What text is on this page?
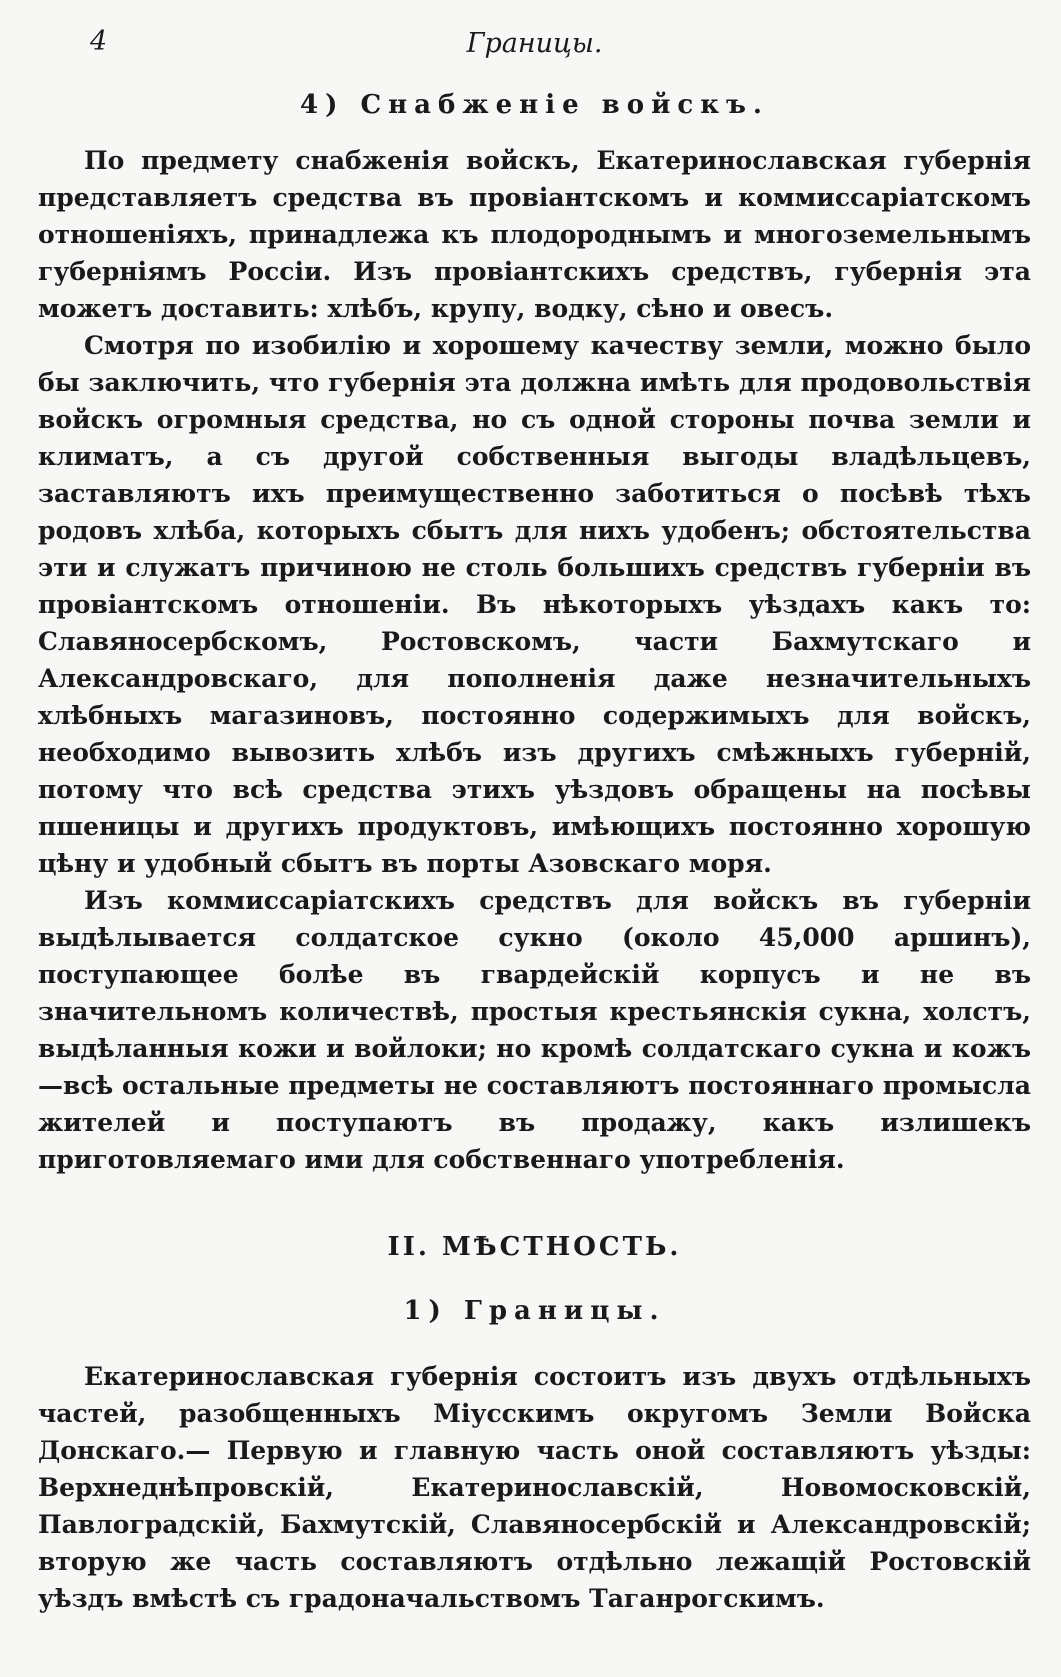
4	Границы.
4) Снабженіе войскъ.

По предмету снабженія войскъ, Екатеринославская губернія представляетъ средства въ провіантскомъ и коммиссаріатскомъ отношеніяхъ, принадлежа къ плодороднымъ и многоземельнымъ губерніямъ Россіи. Изъ провіантскихъ средствъ, губернія эта можетъ доставить: хлѣбъ, крупу, водку, сѣно и овесъ.

Смотря по изобилію и хорошему качеству земли, можно было бы заключить, что губернія эта должна имѣть для продовольствія войскъ огромныя средства, но съ одной стороны почва земли и климатъ, а съ другой собственныя выгоды владѣльцевъ, заставляютъ ихъ преимущественно заботиться о посѣвѣ тѣхъ родовъ хлѣба, которыхъ сбытъ для нихъ удобенъ; обстоятельства эти и служатъ причиною не столь большихъ средствъ губерніи въ провіантскомъ отношеніи. Въ нѣкоторыхъ уѣздахъ какъ то: Славяносербскомъ, Ростовскомъ, части Бахмутскаго и Александровскаго, для пополненія даже незначительныхъ хлѣбныхъ магазиновъ, постоянно содержимыхъ для войскъ, необходимо вывозить хлѣбъ изъ другихъ смѣжныхъ губерній, потому что всѣ средства этихъ уѣздовъ обращены на посѣвы пшеницы и другихъ продуктовъ, имѣющихъ постоянно хорошую цѣну и удобный сбытъ въ порты Азовскаго моря.

Изъ коммиссаріатскихъ средствъ для войскъ въ губерніи выдѣлывается солдатское сукно (около 45,000 аршинъ), поступающее болѣе въ гвардейскій корпусъ и не въ значительномъ количествѣ, простыя крестьянскія сукна, холстъ, выдѣланныя кожи и войлоки; но кромѣ солдатскаго сукна и кожъ—всѣ остальные предметы не составляютъ постояннаго промысла жителей и поступаютъ въ продажу, какъ излишекъ приготовляемаго ими для собственнаго употребленія.

II. МѢСТНОСТЬ.
1) Границы.

Екатеринославская губернія состоитъ изъ двухъ отдѣльныхъ частей, разобщенныхъ Міусскимъ округомъ Земли Войска Донскаго.— Первую и главную часть оной составляютъ уѣзды: Верхнеднѣпровскій, Екатеринославскій, Новомосковскій, Павлоградскій, Бахмутскій, Славяносербскій и Александровскій; вторую же часть составляютъ отдѣльно лежащій Ростовскій уѣздъ вмѣстѣ съ градоначальствомъ Таганрогскимъ.
